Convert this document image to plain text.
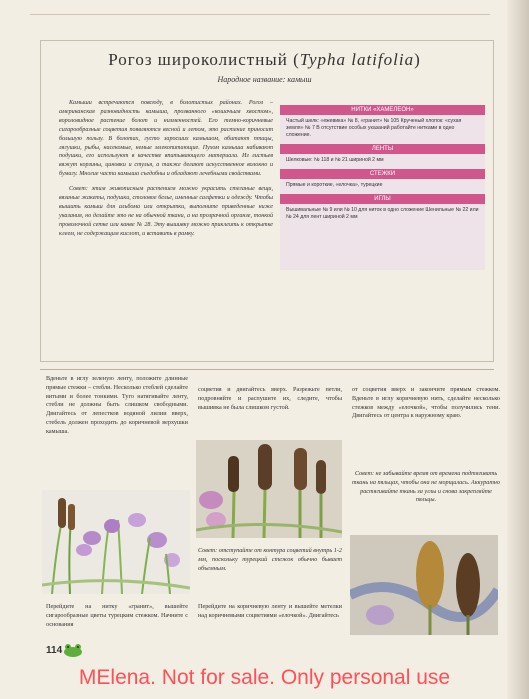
Рогоз широколистный (Typha latifolia)
Народное название: камыш

Камыши встречаются повсюду, в болотистых районах. Рогоз – американская разновидность камыша, прозванного «кошачьим хвостом», вороловидное растение болот и низменностей. Его темно-коричневые сигарообразные соцветия появляются весной и летом, это растение приносит большую пользу. В болотах, густо заросших камышом, обитают птицы, лягушки, рыбы, насекомые, немые млекопитающие. Пухом камыша набивают подушки, его используют в качестве впитывающего материала. Из листьев вяжут корзины, циновки и стулья, а также делают искусственное волокно и бумагу. Многие части камыша съедобны и обладают лечебными свойствами.

Совет: этим живописным растением можно украсить стеганые вещи, вязаные жакеты, подушки, столовое белье, именные салфетки и одежду. Чтобы вышить камыш для альбома или открытки, выполните приведенные ниже указания, но делайте это не на обычной ткани, а на прозрачной органзе, тонкой проволочной сетке или канве № 28. Эту вышивку можно приклеить к открытке клеем, не содержащим кислот, и вставить в рамку.

НИТКИ «ХАМЕЛЕОН»
Частый шелк: «ежевика» № 8, «гранит» № 105 Крученый хлопок: «сухая земля» № 7 В отсутствие особых указаний работайте нитками в одно сложение.
ЛЕНТЫ
Шелковые: № 118 и № 21 шириной 2 мм
СТЕЖКИ
Прямые и короткие, «елочка», турецкие
ИГЛЫ
Вышивальные № 9 или № 10 для ниток в одно сложение Шенильные № 22 или № 24 для лент шириной 2 мм
Вденьте в иглу зеленую ленту, положите длинные прямые стежки – стебли. Несколько стеблей сделайте витыми и более тонкими. Туго натягивайте ленту, стебли не должны быть слишком свободными. Двигайтесь от лепестков водяной лилии вверх, стебель должен проходить до коричневой верхушки камыша.
соцветия и двигайтесь вверх. Разрежьте петли, подровняйте и распушите их, следите, чтобы вышивка не была слишком густой.
от соцветия вверх и закончите прямым стежком. Вденьте в иглу коричневую нить, сделайте несколько стежков между «елочкой», чтобы получились тени. Двигайтесь от центра к наружному краю.
Совет: отступайте от контура соцветий внутрь 1-2 мм, поскольку турецкий стежок обычно бывает объемным.
Совет: не забывайте время от времени подтягивать ткань на пяльцах, чтобы она не морщилась. Аккуратно растягивайте ткань за углы и снова закрепляйте пяльцы.
Перейдите на нитку «гранит», вышейте сигарообразные цветы турецким стежком. Начните с основания
Перейдите на коричневую ленту и вышейте метелки над коричневыми соцветиями «елочкой». Двигайтесь
114
MElena. Not for sale. Only personal use
